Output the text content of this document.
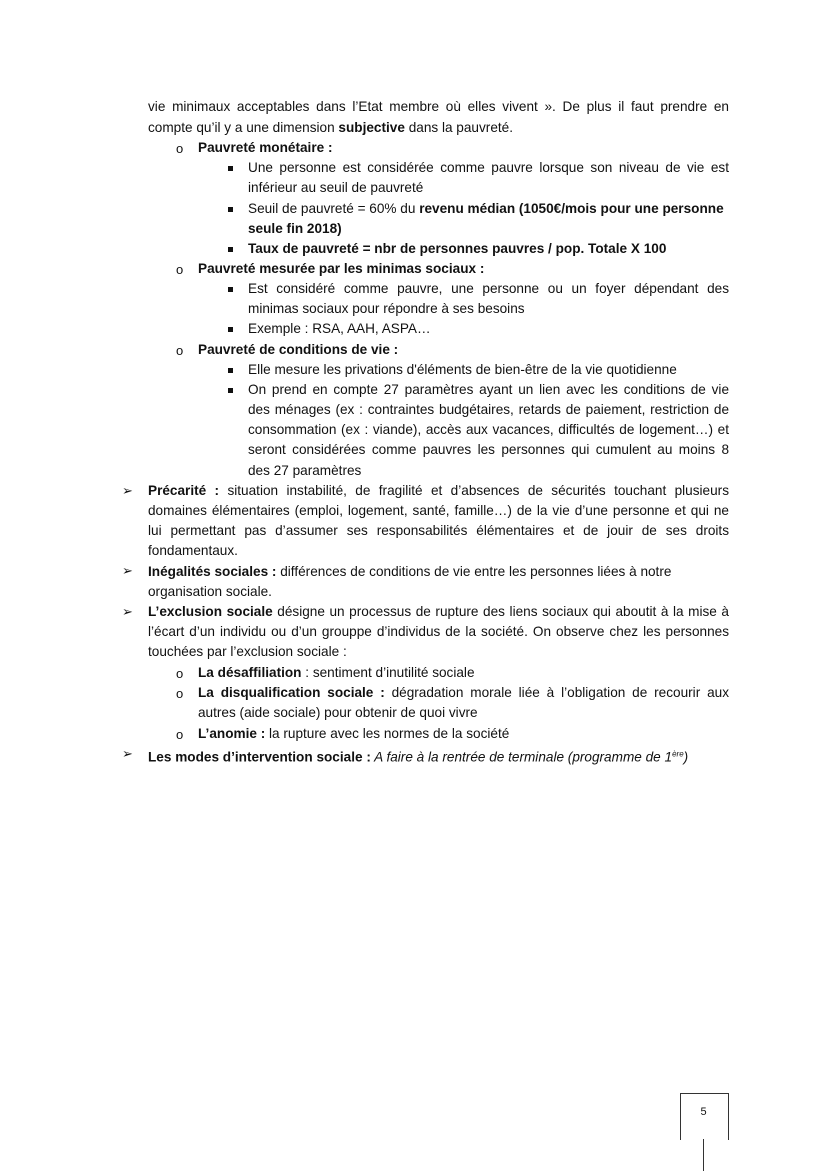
vie minimaux acceptables dans l’Etat membre où elles vivent ». De plus il faut prendre en
compte qu’il y a une dimension subjective dans la pauvreté.
o Pauvreté monétaire :
Une personne est considérée comme pauvre lorsque son niveau de vie est
inférieur au seuil de pauvreté
Seuil de pauvreté = 60% du revenu médian (1050€/mois pour une personne
seule fin 2018)
Taux de pauvreté = nbr de personnes pauvres / pop. Totale X 100
o Pauvreté mesurée par les minimas sociaux :
Est considéré comme pauvre, une personne ou un foyer dépendant des
minimas sociaux pour répondre à ses besoins
Exemple : RSA, AAH, ASPA…
o Pauvreté de conditions de vie :
Elle mesure les privations d'éléments de bien-être de la vie quotidienne
On prend en compte 27 paramètres ayant un lien avec les conditions de vie
des ménages (ex : contraintes budgétaires, retards de paiement, restriction de
consommation (ex : viande), accès aux vacances, difficultés de logement…) et
seront considérées comme pauvres les personnes qui cumulent au moins 8
des 27 paramètres
➢ Précarité : situation instabilité, de fragilité et d’absences de sécurités touchant plusieurs
domaines élémentaires (emploi, logement, santé, famille…) de la vie d’une personne et qui ne
lui permettant pas d’assumer ses responsabilités élémentaires et de jouir de ses droits
fondamentaux.
➢ Inégalités sociales : différences de conditions de vie entre les personnes liées à notre
organisation sociale.
➢ L’exclusion sociale désigne un processus de rupture des liens sociaux qui aboutit à la mise à
l’écart d’un individu ou d’un grouppe d’individus de la société. On observe chez les personnes
touchées par l’exclusion sociale :
o La désaffiliation : sentiment d’inutilité sociale
o La disqualification sociale : dégradation morale liée à l’obligation de recourir aux
autres (aide sociale) pour obtenir de quoi vivre
o L’anomie : la rupture avec les normes de la société
➢ Les modes d’intervention sociale : A faire à la rentrée de terminale (programme de 1ère)
5
